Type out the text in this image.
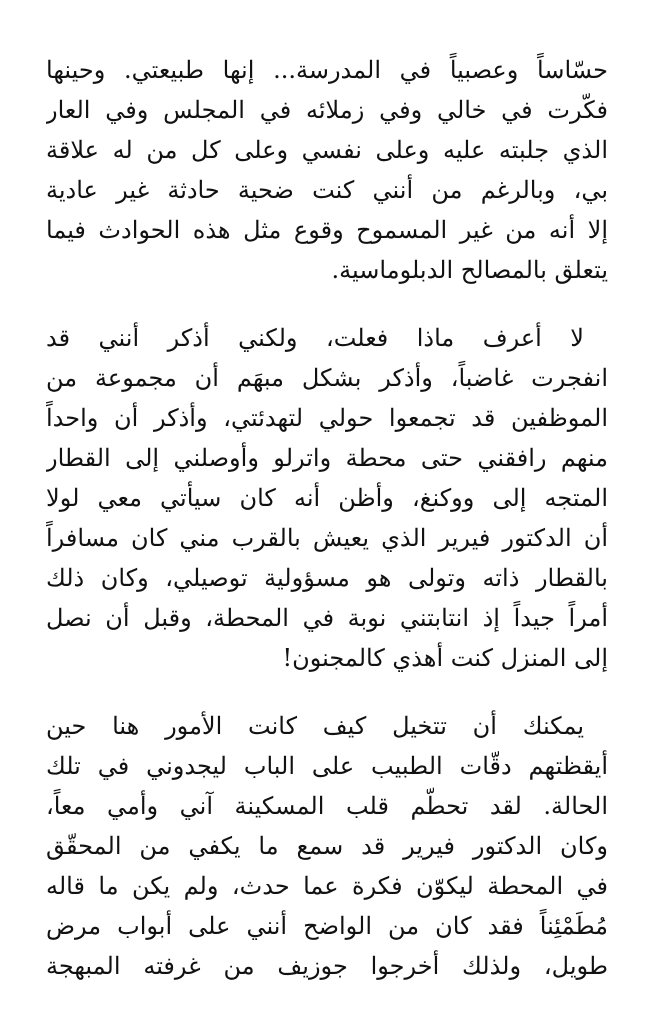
حسّاساً وعصبياً في المدرسة... إنها طبيعتي. وحينها
فكّرت في خالي وفي زملائه في المجلس وفي العار
الذي جلبته عليه وعلى نفسي وعلى كل من له علاقة
بي، وبالرغم من أنني كنت ضحية حادثة غير عادية
إلا أنه من غير المسموح وقوع مثل هذه الحوادث فيما
يتعلق بالمصالح الدبلوماسية.
لا أعرف ماذا فعلت، ولكني أذكر أنني قد
انفجرت غاضباً، وأذكر بشكل مبهَم أن مجموعة من
الموظفين قد تجمعوا حولي لتهدئتي، وأذكر أن واحداً
منهم رافقني حتى محطة واترلو وأوصلني إلى القطار
المتجه إلى ووكنغ، وأظن أنه كان سيأتي معي لولا
أن الدكتور فيرير الذي يعيش بالقرب مني كان مسافراً
بالقطار ذاته وتولى هو مسؤولية توصيلي، وكان ذلك
أمراً جيداً إذ انتابتني نوبة في المحطة، وقبل أن نصل
إلى المنزل كنت أهذي كالمجنون!
يمكنك أن تتخيل كيف كانت الأمور هنا حين
أيقظتهم دقّات الطبيب على الباب ليجدوني في تلك
الحالة. لقد تحطّم قلب المسكينة آني وأمي معاً،
وكان الدكتور فيرير قد سمع ما يكفي من المحقّق
في المحطة ليكوّن فكرة عما حدث، ولم يكن ما قاله
مُطَمْئِناً فقد كان من الواضح أنني على أبواب مرض
طويل، ولذلك أخرجوا جوزيف من غرفته المبهجة
